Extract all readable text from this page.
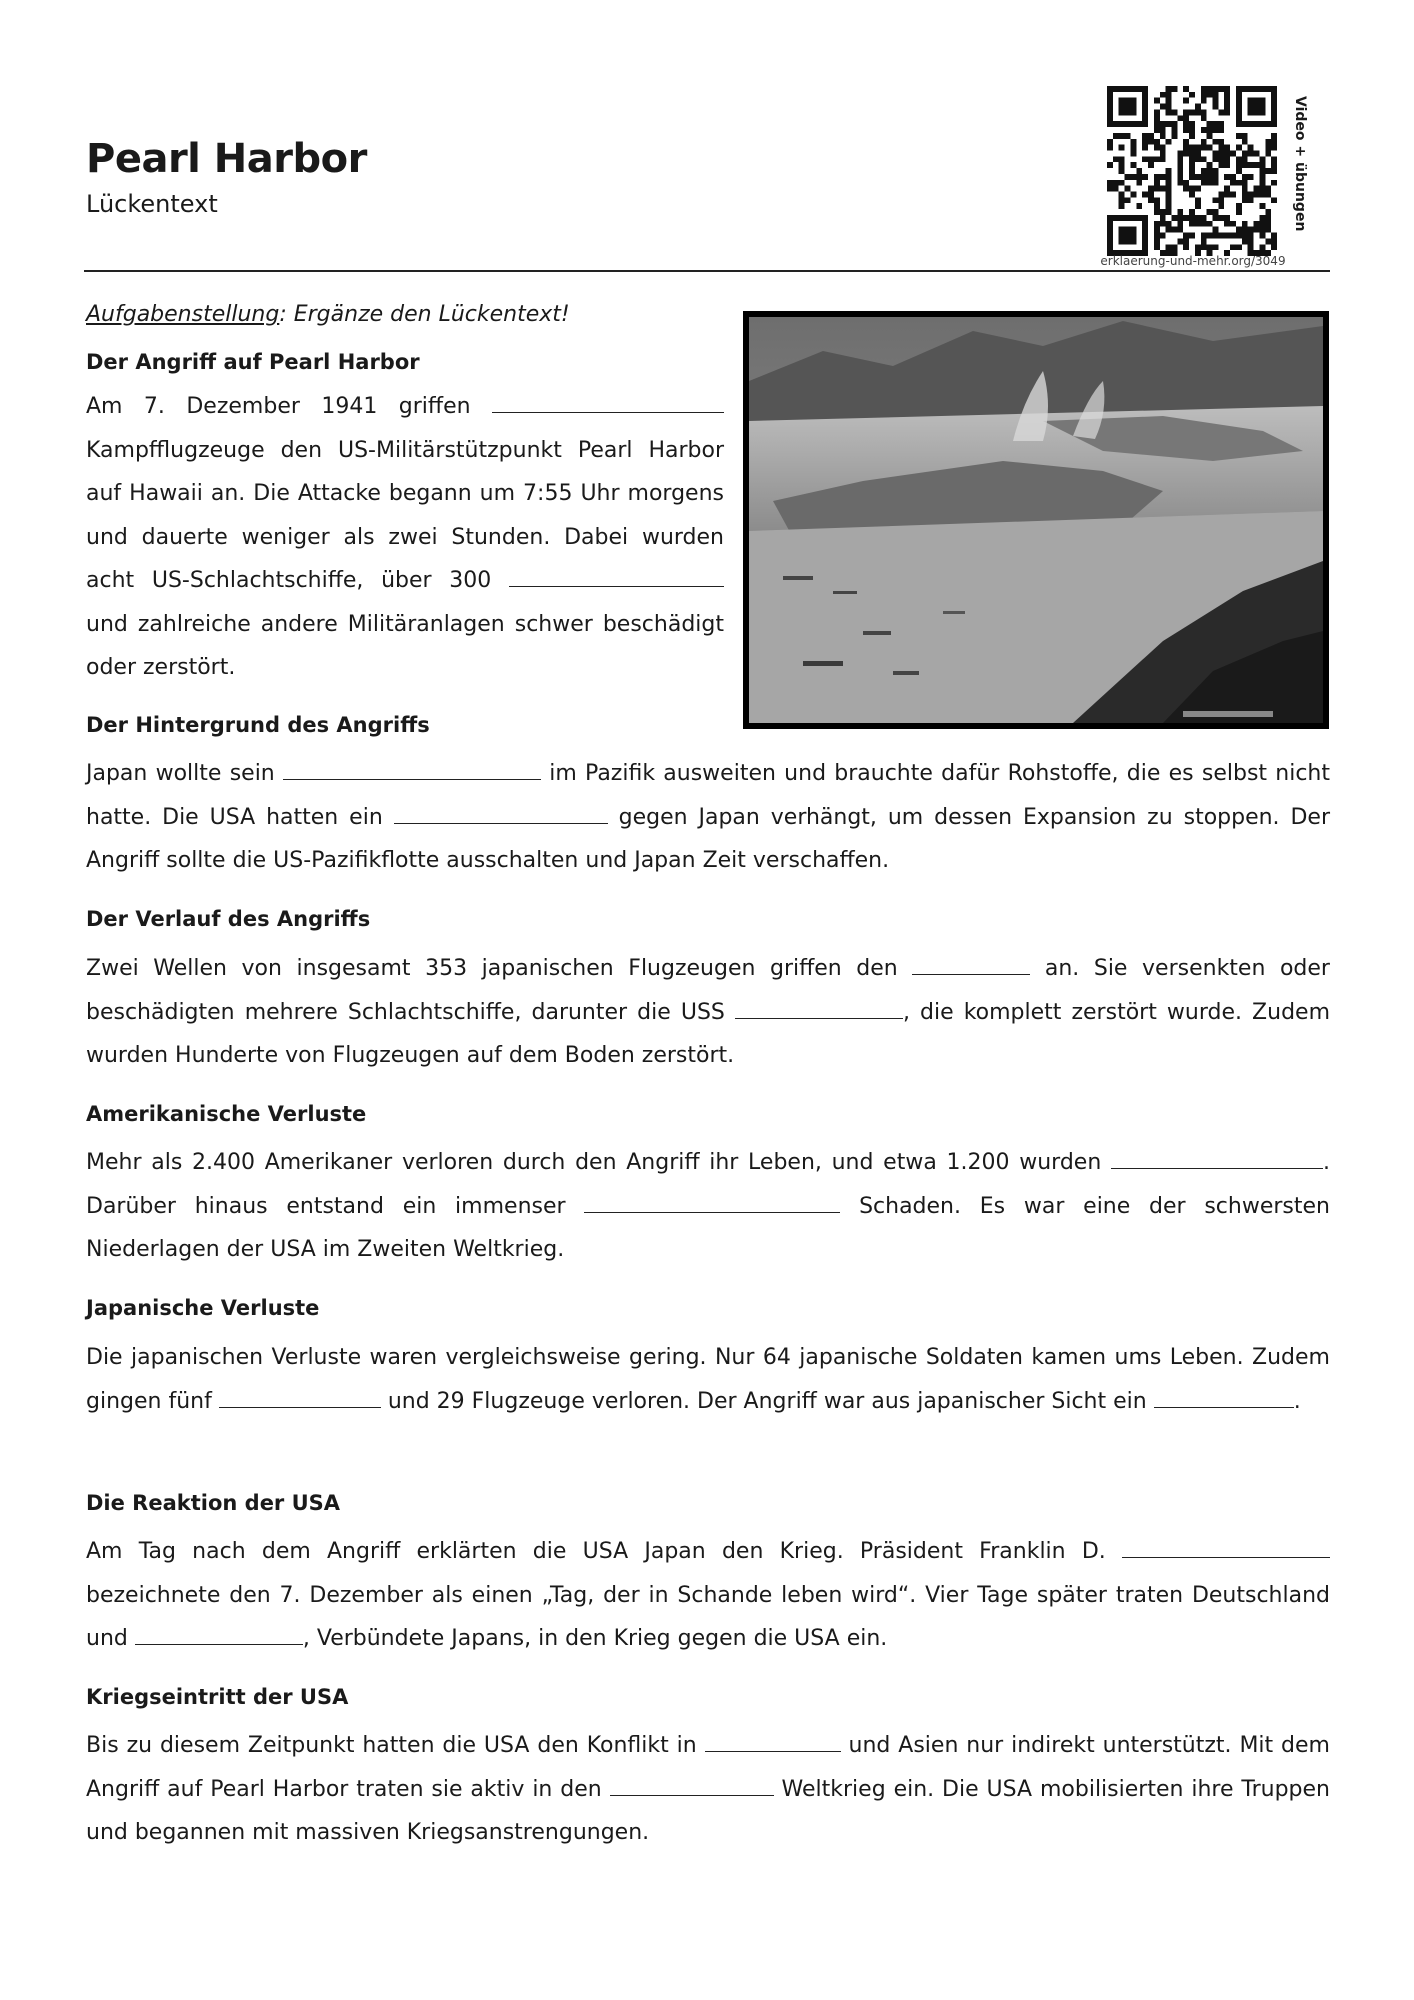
Pearl Harbor
Lückentext
erklaerung-und-mehr.org/3049
Video + übungen
Aufgabenstellung: Ergänze den Lückentext!
Der Angriff auf Pearl Harbor
Am 7. Dezember 1941 griffen  Kampfflugzeuge den US-Militärstützpunkt Pearl Harbor auf Hawaii an. Die Attacke begann um 7:55 Uhr morgens und dauerte weniger als zwei Stunden. Dabei wurden acht US-Schlachtschiffe, über 300  und zahlreiche andere Militäranlagen schwer beschädigt oder zerstört.
Der Hintergrund des Angriffs
Japan wollte sein	im Pazifik ausweiten und brauchte dafür Rohstoffe, die es selbst nicht hatte. Die USA hatten ein	gegen Japan verhängt, um dessen Expansion zu stoppen. Der Angriff sollte die US-Pazifikflotte ausschalten und Japan Zeit verschaffen.
Der Verlauf des Angriffs
Zwei Wellen von insgesamt 353 japanischen Flugzeugen griffen den	an. Sie versenkten oder beschädigten mehrere Schlachtschiffe, darunter die USS	, die komplett zerstört wurde. Zudem wurden Hunderte von Flugzeugen auf dem Boden zerstört.
Amerikanische Verluste
Mehr als 2.400 Amerikaner verloren durch den Angriff ihr Leben, und etwa 1.200 wurden	. Darüber hinaus entstand ein immenser	Schaden. Es war eine der schwersten Niederlagen der USA im Zweiten Weltkrieg.
Japanische Verluste
Die japanischen Verluste waren vergleichsweise gering. Nur 64 japanische Soldaten kamen ums Leben. Zudem gingen fünf	und 29 Flugzeuge verloren. Der Angriff war aus japanischer Sicht ein	.
Die Reaktion der USA
Am Tag nach dem Angriff erklärten die USA Japan den Krieg. Präsident Franklin D.  bezeichnete den 7. Dezember als einen „Tag, der in Schande leben wird“. Vier Tage später traten Deutschland und	, Verbündete Japans, in den Krieg gegen die USA ein.
Kriegseintritt der USA
Bis zu diesem Zeitpunkt hatten die USA den Konflikt in	und Asien nur indirekt unterstützt. Mit dem Angriff auf Pearl Harbor traten sie aktiv in den	Weltkrieg ein. Die USA mobilisierten ihre Truppen und begannen mit massiven Kriegsanstrengungen.
